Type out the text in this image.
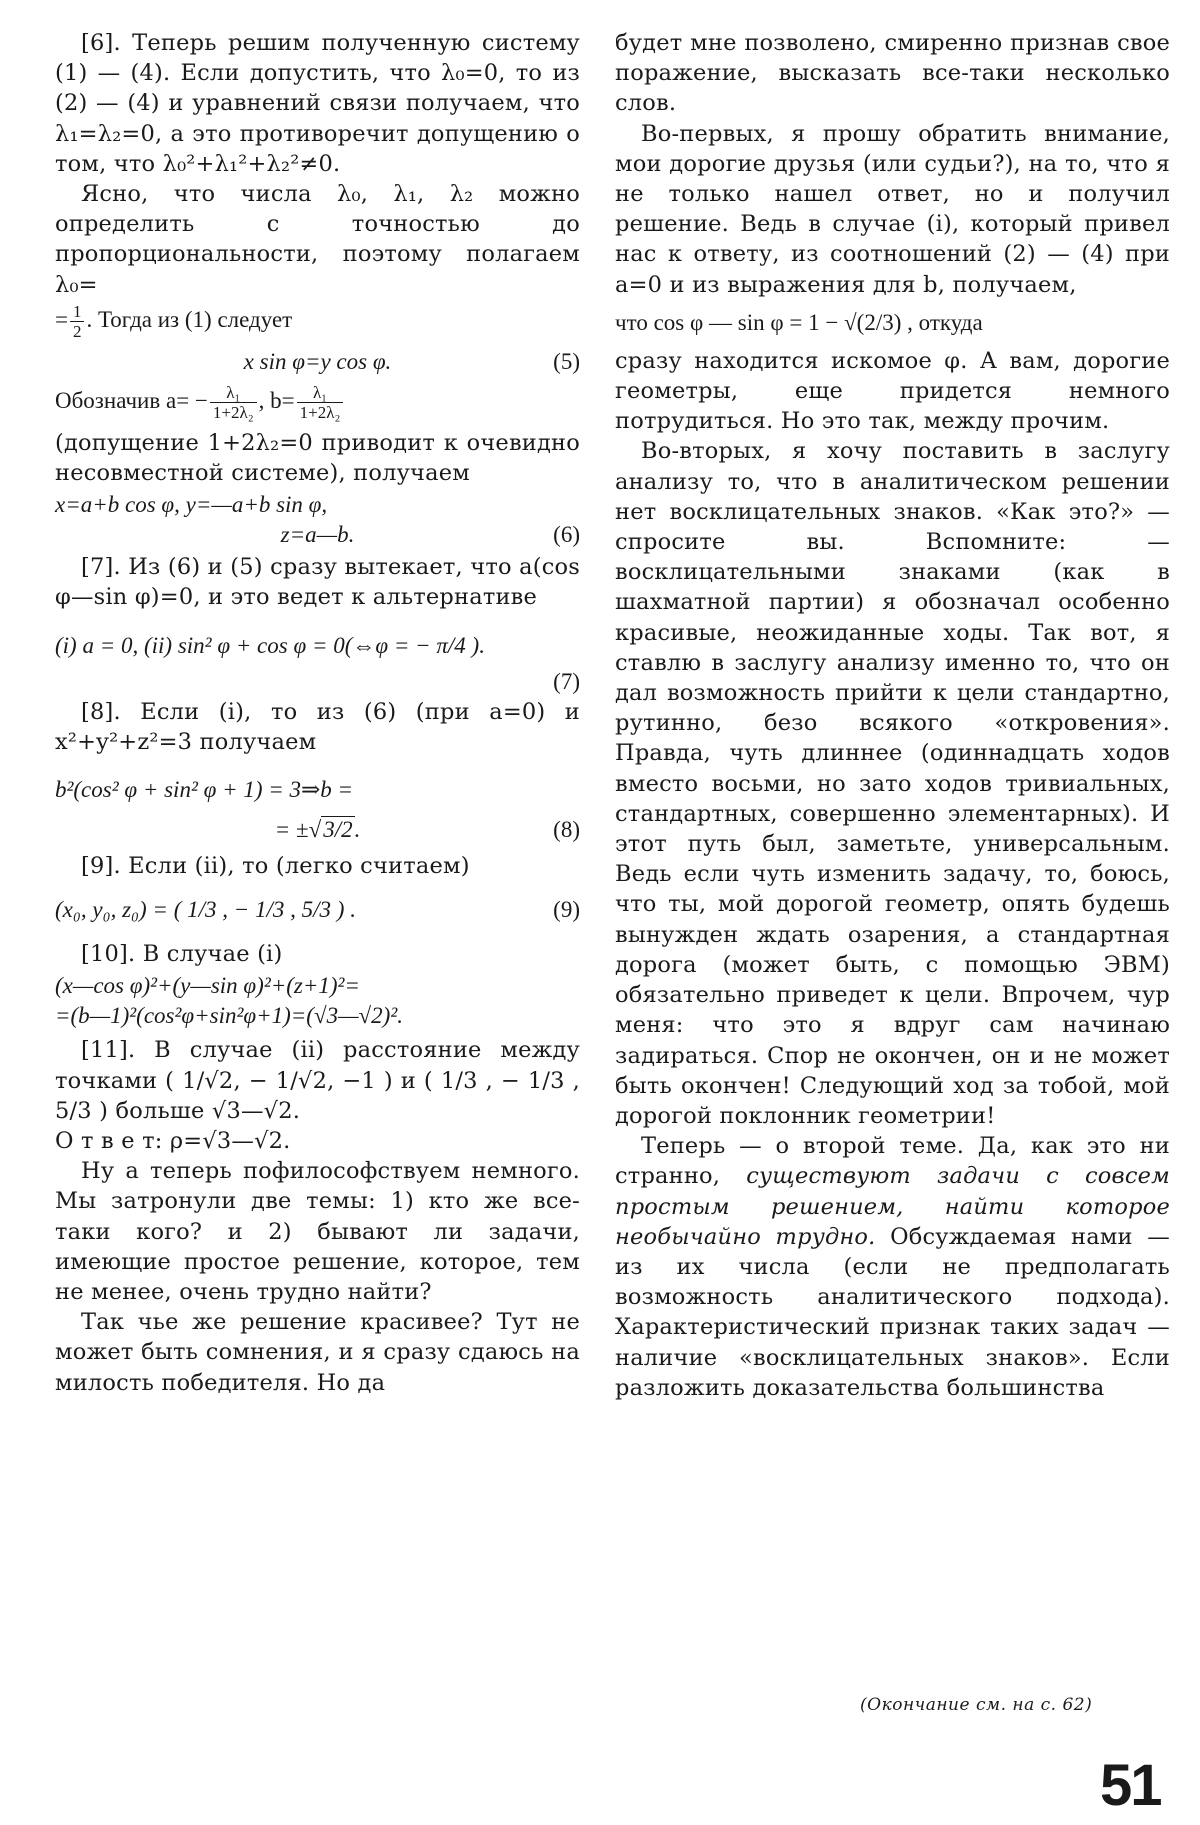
[6]. Теперь решим полученную систему (1) — (4). Если допустить, что λ₀=0, то из (2) — (4) и уравнений связи получаем, что λ₁=λ₂=0, а это противоречит допущению о том, что λ₀²+λ₁²+λ₂²≠0.

Ясно, что числа λ₀, λ₁, λ₂ можно определить с точностью до пропорциональности, поэтому полагаем λ₀=

= $\frac{1}{2}$ . Тогда из (1) следует
x sin φ=y cos φ.	(5)
Обозначив $a= - \frac{\text{λ₁}}{\text{1+2λ₂}}$ , $b= \frac{\text{λ₁}}{\text{1+2λ₂}}$

(допущение 1+2λ₂=0 приводит к очевидно несовместной системе), получаем

x=a+b cos φ, y=—a+b sin φ,
z=a—b.	(6)

[7]. Из (6) и (5) сразу вытекает, что a(cos φ—sin φ)=0, и это ведет к альтернативе

(i) a = 0, (ii) sin² φ + cos φ = 0(⇔φ = − π/4 ).
(7)

[8]. Если (i), то из (6) (при a=0) и x²+y²+z²=3 получаем

b²(cos² φ + sin² φ + 1) = 3⇒b =
= ±√3/2.	(8)

[9]. Если (ii), то (легко считаем)

(x₀, y₀, z₀) = ( 1/3 , − 1/3 , 5/3 ) .	(9)

[10]. В случае (i)

(x—cos φ)²+(y—sin φ)²+(z+1)²=
=(b—1)²(cos²φ+sin²φ+1)=(√3—√2)².

[11]. В случае (ii) расстояние между точками ( 1/√2, − 1/√2, −1 ) и ( 1/3 , − 1/3 , 5/3 ) больше √3—√2.

О т в е т: ρ=√3—√2.

Ну а теперь пофилософствуем немного. Мы затронули две темы: 1) кто же все-таки кого? и 2) бывают ли задачи, имеющие простое решение, которое, тем не менее, очень трудно найти?

Так чье же решение красивее? Тут не может быть сомнения, и я сразу сдаюсь на милость победителя. Но да

будет мне позволено, смиренно признав свое поражение, высказать все-таки несколько слов.

Во-первых, я прошу обратить внимание, мои дорогие друзья (или судьи?), на то, что я не только нашел ответ, но и получил решение. Ведь в случае (i), который привел нас к ответу, из соотношений (2) — (4) при a=0 и из выражения для b, получаем,

что cos φ — sin φ = 1 − √(2/3) , откуда

сразу находится искомое φ. А вам, дорогие геометры, еще придется немного потрудиться. Но это так, между прочим.

Во-вторых, я хочу поставить в заслугу анализу то, что в аналитическом решении нет восклицательных знаков. «Как это?» — спросите вы. Вспомните: — восклицательными знаками (как в шахматной партии) я обозначал особенно красивые, неожиданные ходы. Так вот, я ставлю в заслугу анализу именно то, что он дал возможность прийти к цели стандартно, рутинно, безо всякого «откровения». Правда, чуть длиннее (одиннадцать ходов вместо восьми, но зато ходов тривиальных, стандартных, совершенно элементарных). И этот путь был, заметьте, универсальным. Ведь если чуть изменить задачу, то, боюсь, что ты, мой дорогой геометр, опять будешь вынужден ждать озарения, а стандартная дорога (может быть, с помощью ЭВМ) обязательно приведет к цели. Впрочем, чур меня: что это я вдруг сам начинаю задираться. Спор не окончен, он и не может быть окончен! Следующий ход за тобой, мой дорогой поклонник геометрии!

Теперь — о второй теме. Да, как это ни странно, существуют задачи с совсем простым решением, найти которое необычайно трудно. Обсуждаемая нами — из их числа (если не предполагать возможность аналитического подхода). Характеристический признак таких задач — наличие «восклицательных знаков». Если разложить доказательства большинства

(Окончание см. на с. 62)
51
